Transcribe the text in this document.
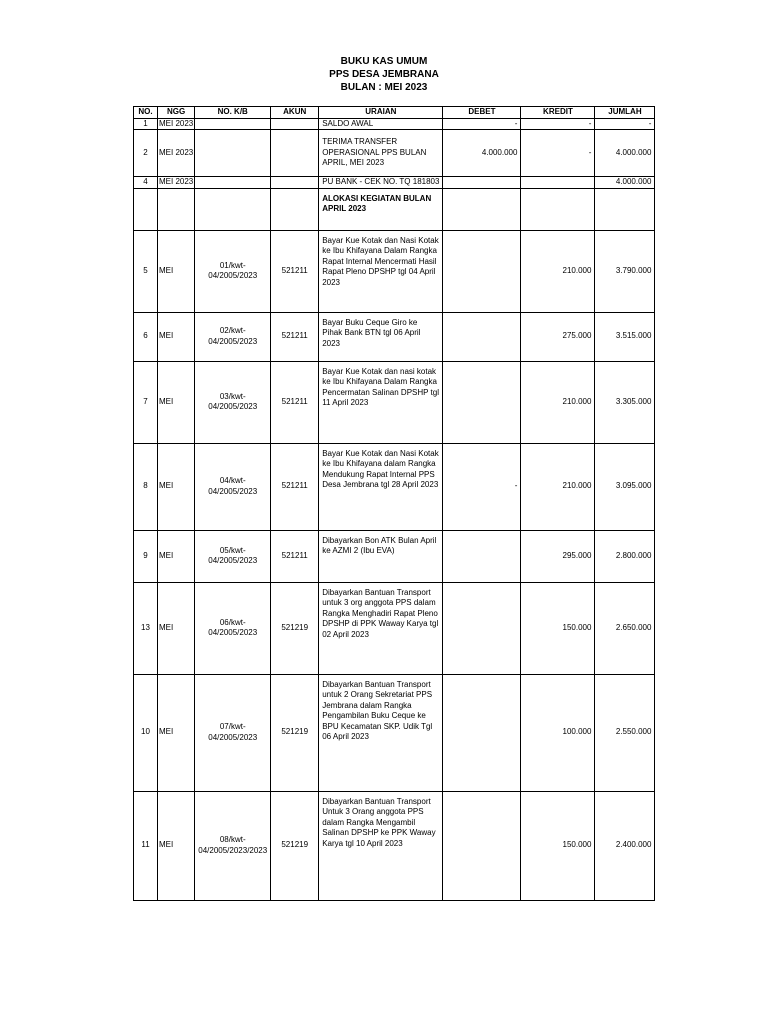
BUKU KAS UMUM
PPS DESA JEMBRANA
BULAN : MEI 2023
NO.	NGG	NO. K/B	AKUN	URAIAN	DEBET	KREDIT	JUMLAH
1	MEI 2023			SALDO AWAL	-	-	-
2	MEI 2023			TERIMA TRANSFER OPERASIONAL PPS BULAN APRIL, MEI 2023	4.000.000	-	4.000.000
4	MEI 2023			PU BANK - CEK NO. TQ 181803			4.000.000
				ALOKASI KEGIATAN BULAN APRIL 2023			
5	MEI	01/kwt-04/2005/2023	521211	Bayar Kue Kotak dan Nasi Kotak ke Ibu Khifayana Dalam Rangka Rapat Internal Mencermati Hasil Rapat Pleno DPSHP tgl 04 April 2023		210.000	3.790.000
6	MEI	02/kwt-04/2005/2023	521211	Bayar Buku Ceque Giro ke Pihak Bank BTN tgl 06 April 2023		275.000	3.515.000
7	MEI	03/kwt-04/2005/2023	521211	Bayar Kue Kotak dan nasi kotak ke Ibu Khifayana Dalam Rangka Pencermatan Salinan DPSHP tgl 11 April 2023		210.000	3.305.000
8	MEI	04/kwt-04/2005/2023	521211	Bayar Kue Kotak dan Nasi Kotak ke Ibu Khifayana dalam Rangka Mendukung Rapat Internal PPS Desa Jembrana tgl 28 April 2023	-	210.000	3.095.000
9	MEI	05/kwt-04/2005/2023	521211	Dibayarkan Bon ATK Bulan April ke AZMI 2 (Ibu EVA)		295.000	2.800.000
13	MEI	06/kwt-04/2005/2023	521219	Dibayarkan Bantuan Transport untuk 3 org anggota PPS dalam Rangka Menghadiri Rapat Pleno DPSHP di PPK Waway Karya tgl 02 April 2023		150.000	2.650.000
10	MEI	07/kwt-04/2005/2023	521219	Dibayarkan Bantuan Transport untuk 2 Orang Sekretariat PPS Jembrana dalam Rangka Pengambilan Buku Ceque ke BPU Kecamatan SKP. Udik Tgl 06 April 2023		100.000	2.550.000
11	MEI	08/kwt-04/2005/2023/2023	521219	Dibayarkan Bantuan Transport Untuk 3 Orang anggota PPS dalam Rangka Mengambil Salinan DPSHP ke PPK Waway Karya tgl 10 April 2023		150.000	2.400.000
